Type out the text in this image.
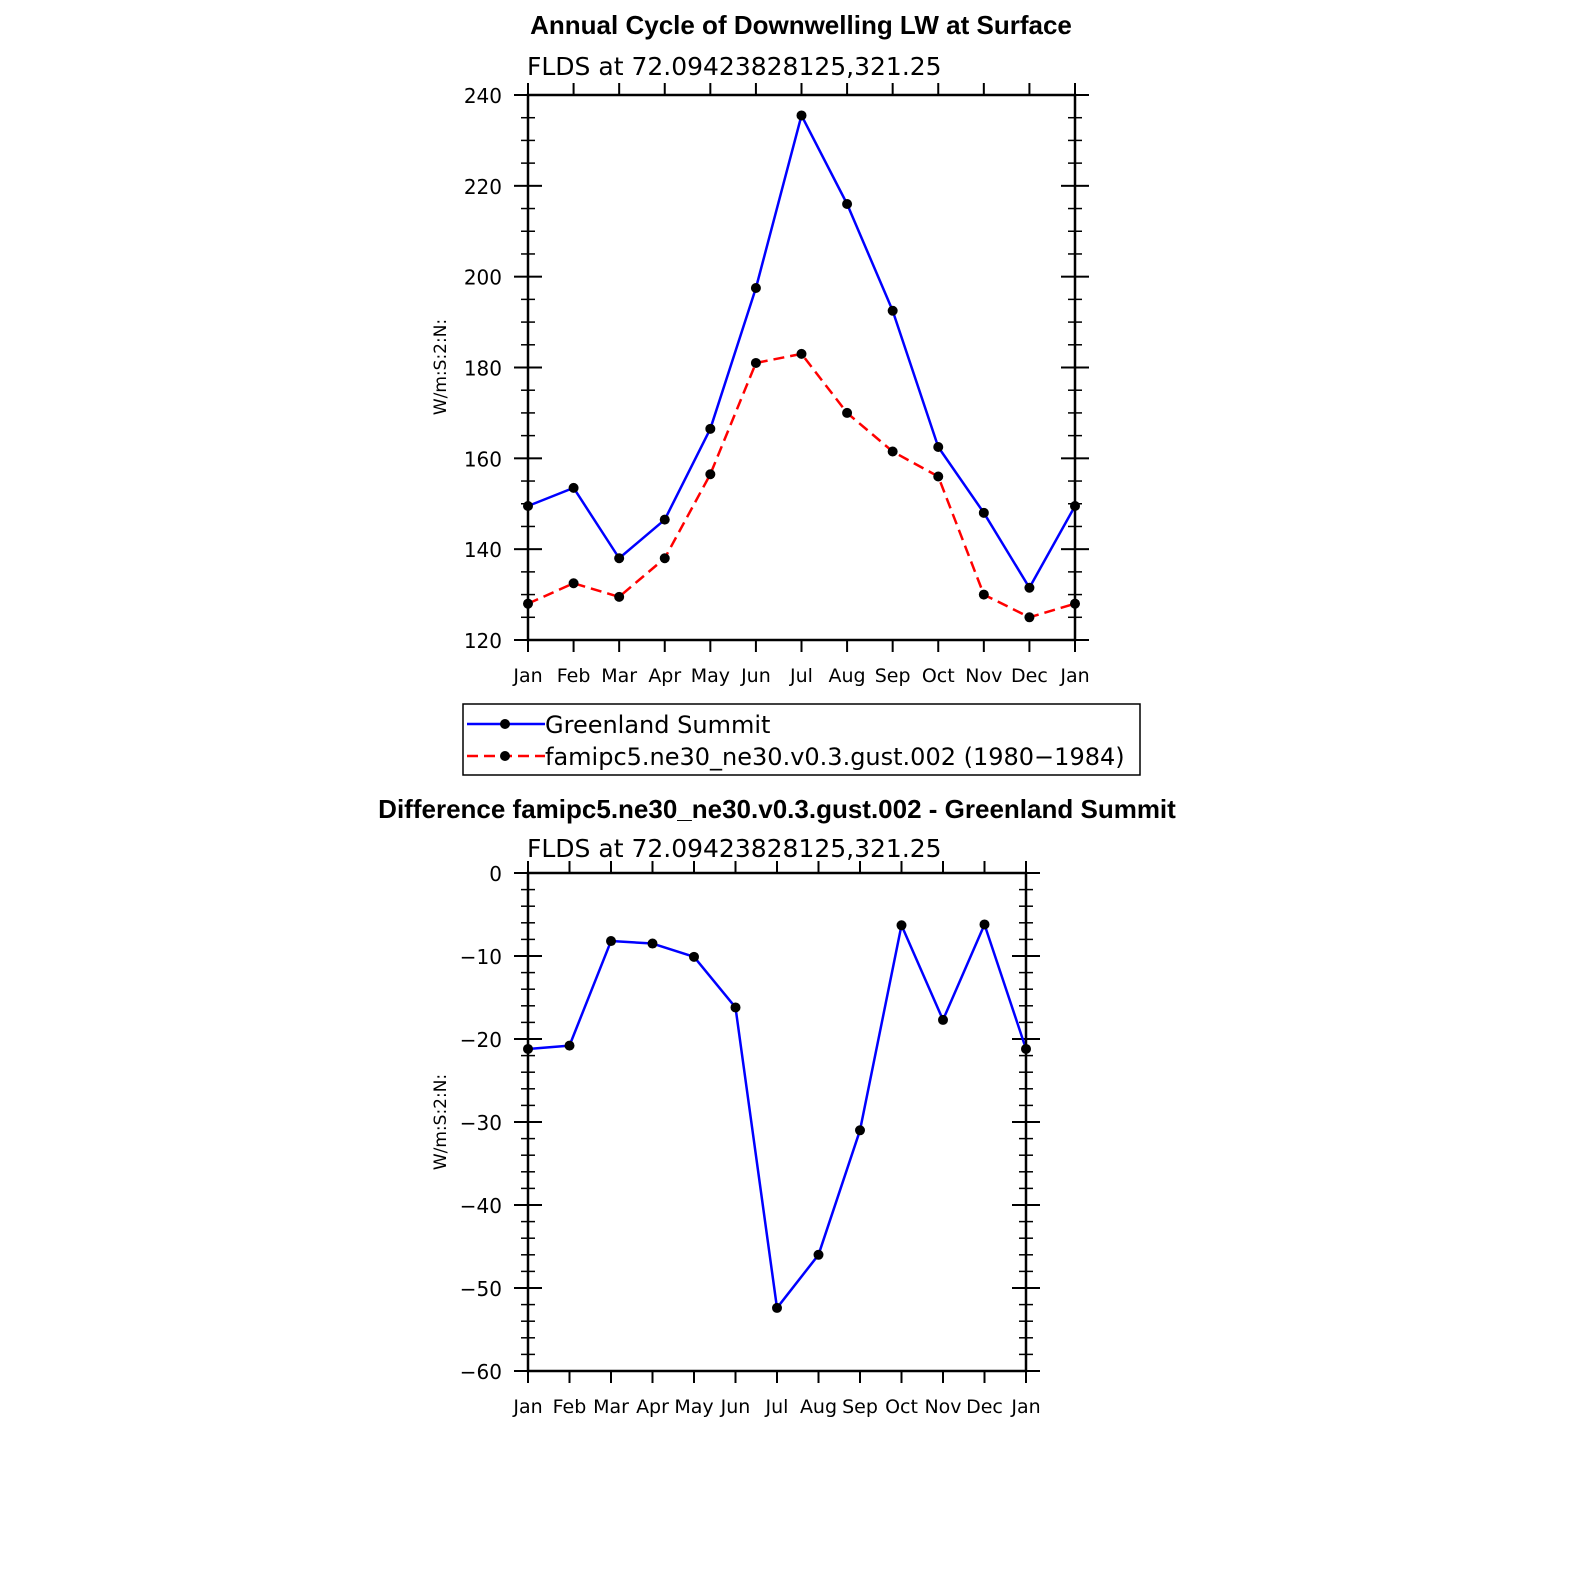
Annual Cycle of Downwelling LW at Surface
FLDS at 72.09423828125,321.25
W/m:S:2:N:
120
140
160
180
200
220
240
Jan Feb Mar Apr May Jun Jul Aug Sep Oct Nov Dec Jan
Greenland Summit
famipc5.ne30_ne30.v0.3.gust.002 (1980−1984)
Difference famipc5.ne30_ne30.v0.3.gust.002 - Greenland Summit
FLDS at 72.09423828125,321.25
W/m:S:2:N:
−60
−50
−40
−30
−20
−10
0
Jan Feb Mar Apr May Jun Jul Aug Sep Oct Nov Dec Jan
